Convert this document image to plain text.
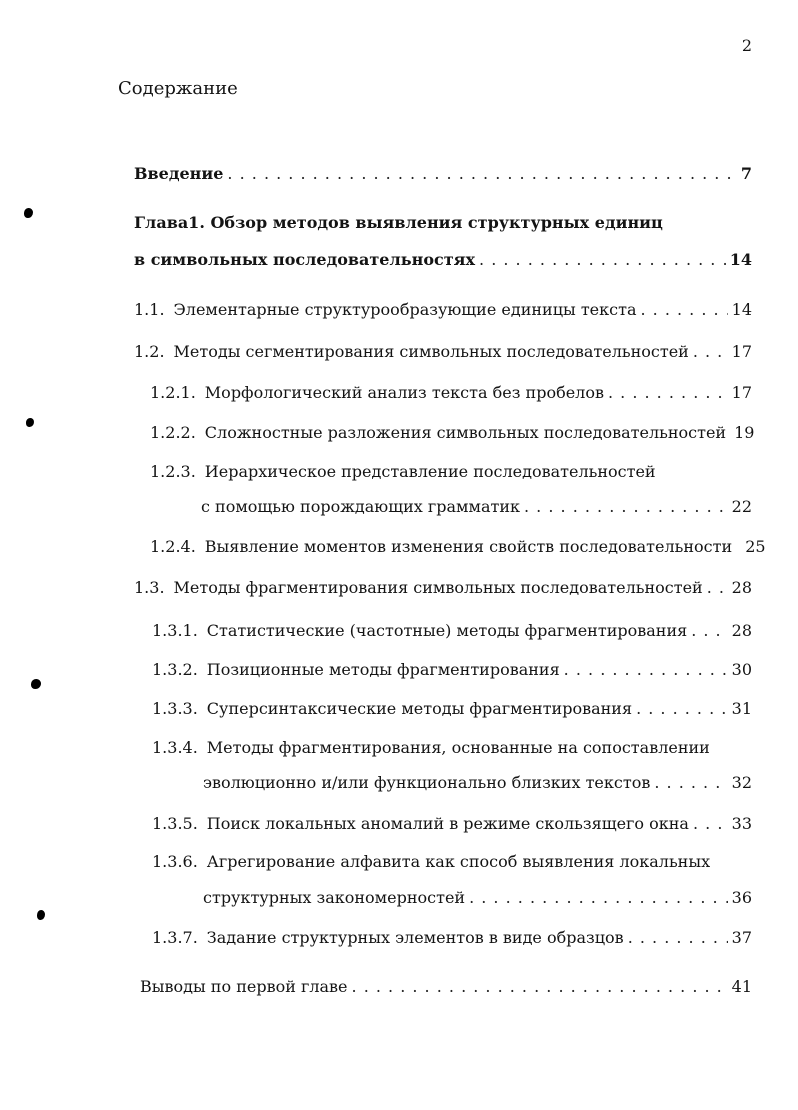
2
Содержание
Введение . . .	7
Глава1. Обзор методов выявления структурных единиц
в символьных последовательностях . . .	14
1.1. Элементарные структурообразующие единицы текста . . .	14
1.2. Методы сегментирования символьных последовательностей . . .	17
1.2.1. Морфологический анализ текста без пробелов . . .	17
1.2.2. Сложностные разложения символьных последовательностей 19
1.2.3. Иерархическое представление последовательностей
с помощью порождающих грамматик . . .	22
1.2.4. Выявление моментов изменения свойств последовательности 25
1.3. Методы фрагментирования символьных последовательностей . . . 28
1.3.1. Статистические (частотные) методы фрагментирования . . .	28
1.3.2. Позиционные методы фрагментирования . . .	30
1.3.3. Суперсинтаксические методы фрагментирования . . .	31
1.3.4. Методы фрагментирования, основанные на сопоставлении
эволюционно и/или функционально близких текстов . . .	32
1.3.5. Поиск локальных аномалий в режиме скользящего окна . . .	33
1.3.6. Агрегирование алфавита как способ выявления локальных
структурных закономерностей . . .	36
1.3.7. Задание структурных элементов в виде образцов . . .	37
Выводы по первой главе . . .	41
